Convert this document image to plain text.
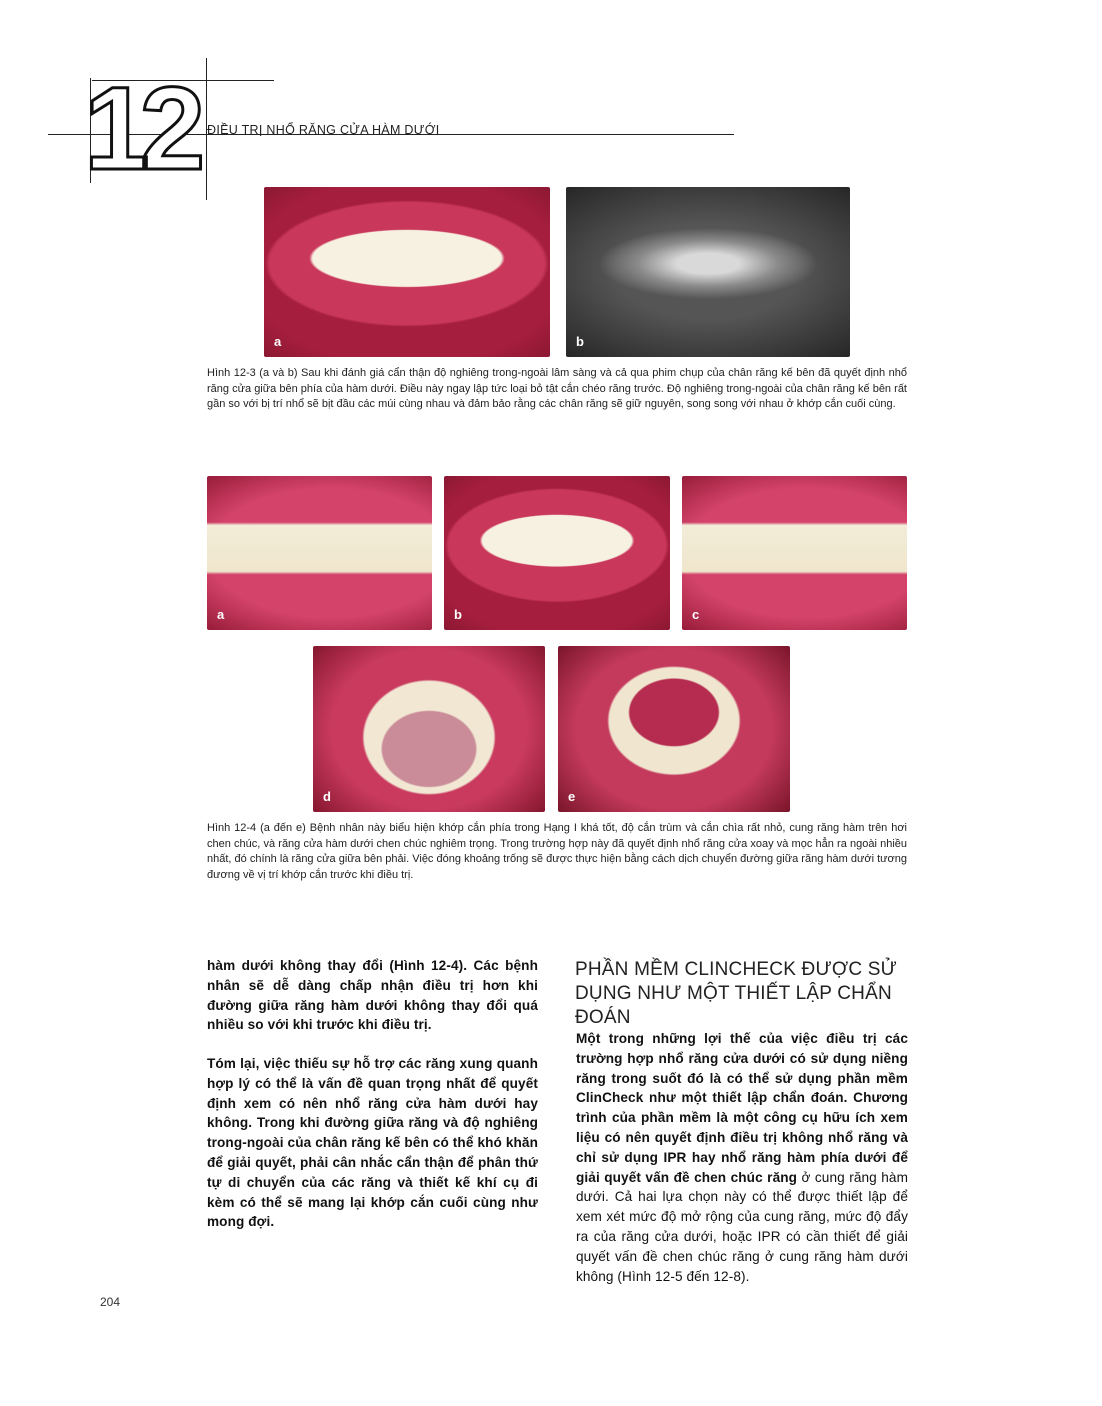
12 ĐIỀU TRỊ NHỔ RĂNG CỬA HÀM DƯỚI
a	b
Hình 12-3 (a và b) Sau khi đánh giá cẩn thận độ nghiêng trong-ngoài lâm sàng và cả qua phim chụp của chân răng kế bên đã quyết định nhổ răng cửa giữa bên phía của hàm dưới. Điều này ngay lập tức loại bỏ tật cắn chéo răng trước. Độ nghiêng trong-ngoài của chân răng kế bên rất gần so với bị trí nhổ sẽ bịt đầu các múi cùng nhau và đảm bảo rằng các chân răng sẽ giữ nguyên, song song với nhau ở khớp cắn cuối cùng.
a	b	c
d	e
Hình 12-4 (a đến e) Bệnh nhân này biểu hiện khớp cắn phía trong Hạng I khá tốt, độ cắn trùm và cắn chìa rất nhỏ, cung răng hàm trên hơi chen chúc, và răng cửa hàm dưới chen chúc nghiêm trọng. Trong trường hợp này đã quyết định nhổ răng cửa xoay và mọc hẳn ra ngoài nhiều nhất, đó chính là răng cửa giữa bên phải. Việc đóng khoảng trống sẽ được thực hiện bằng cách dịch chuyển đường giữa răng hàm dưới tương đương về vị trí khớp cắn trước khi điều trị.
hàm dưới không thay đổi (Hình 12-4). Các bệnh nhân sẽ dễ dàng chấp nhận điều trị hơn khi đường giữa răng hàm dưới không thay đổi quá nhiều so với khi trước khi điều trị.
Tóm lại, việc thiếu sự hỗ trợ các răng xung quanh hợp lý có thể là vấn đề quan trọng nhất để quyết định xem có nên nhổ răng cửa hàm dưới hay không. Trong khi đường giữa răng và độ nghiêng trong-ngoài của chân răng kế bên có thể khó khăn để giải quyết, phải cân nhắc cẩn thận để phân thứ tự di chuyển của các răng và thiết kế khí cụ đi kèm có thể sẽ mang lại khớp cắn cuối cùng như mong đợi.
PHẦN MỀM CLINCHECK ĐƯỢC SỬ DỤNG NHƯ MỘT THIẾT LẬP CHẨN ĐOÁN
Một trong những lợi thế của việc điều trị các trường hợp nhổ răng cửa dưới có sử dụng niềng răng trong suốt đó là có thể sử dụng phần mềm ClinCheck như một thiết lập chẩn đoán. Chương trình của phần mềm là một công cụ hữu ích xem liệu có nên quyết định điều trị không nhổ răng và chỉ sử dụng IPR hay nhổ răng hàm phía dưới để giải quyết vấn đề chen chúc răng ở cung răng hàm dưới. Cả hai lựa chọn này có thể được thiết lập để xem xét mức độ mở rộng của cung răng, mức độ đẩy ra của răng cửa dưới, hoặc IPR có cần thiết để giải quyết vấn đề chen chúc răng ở cung răng hàm dưới không (Hình 12-5 đến 12-8).
204
